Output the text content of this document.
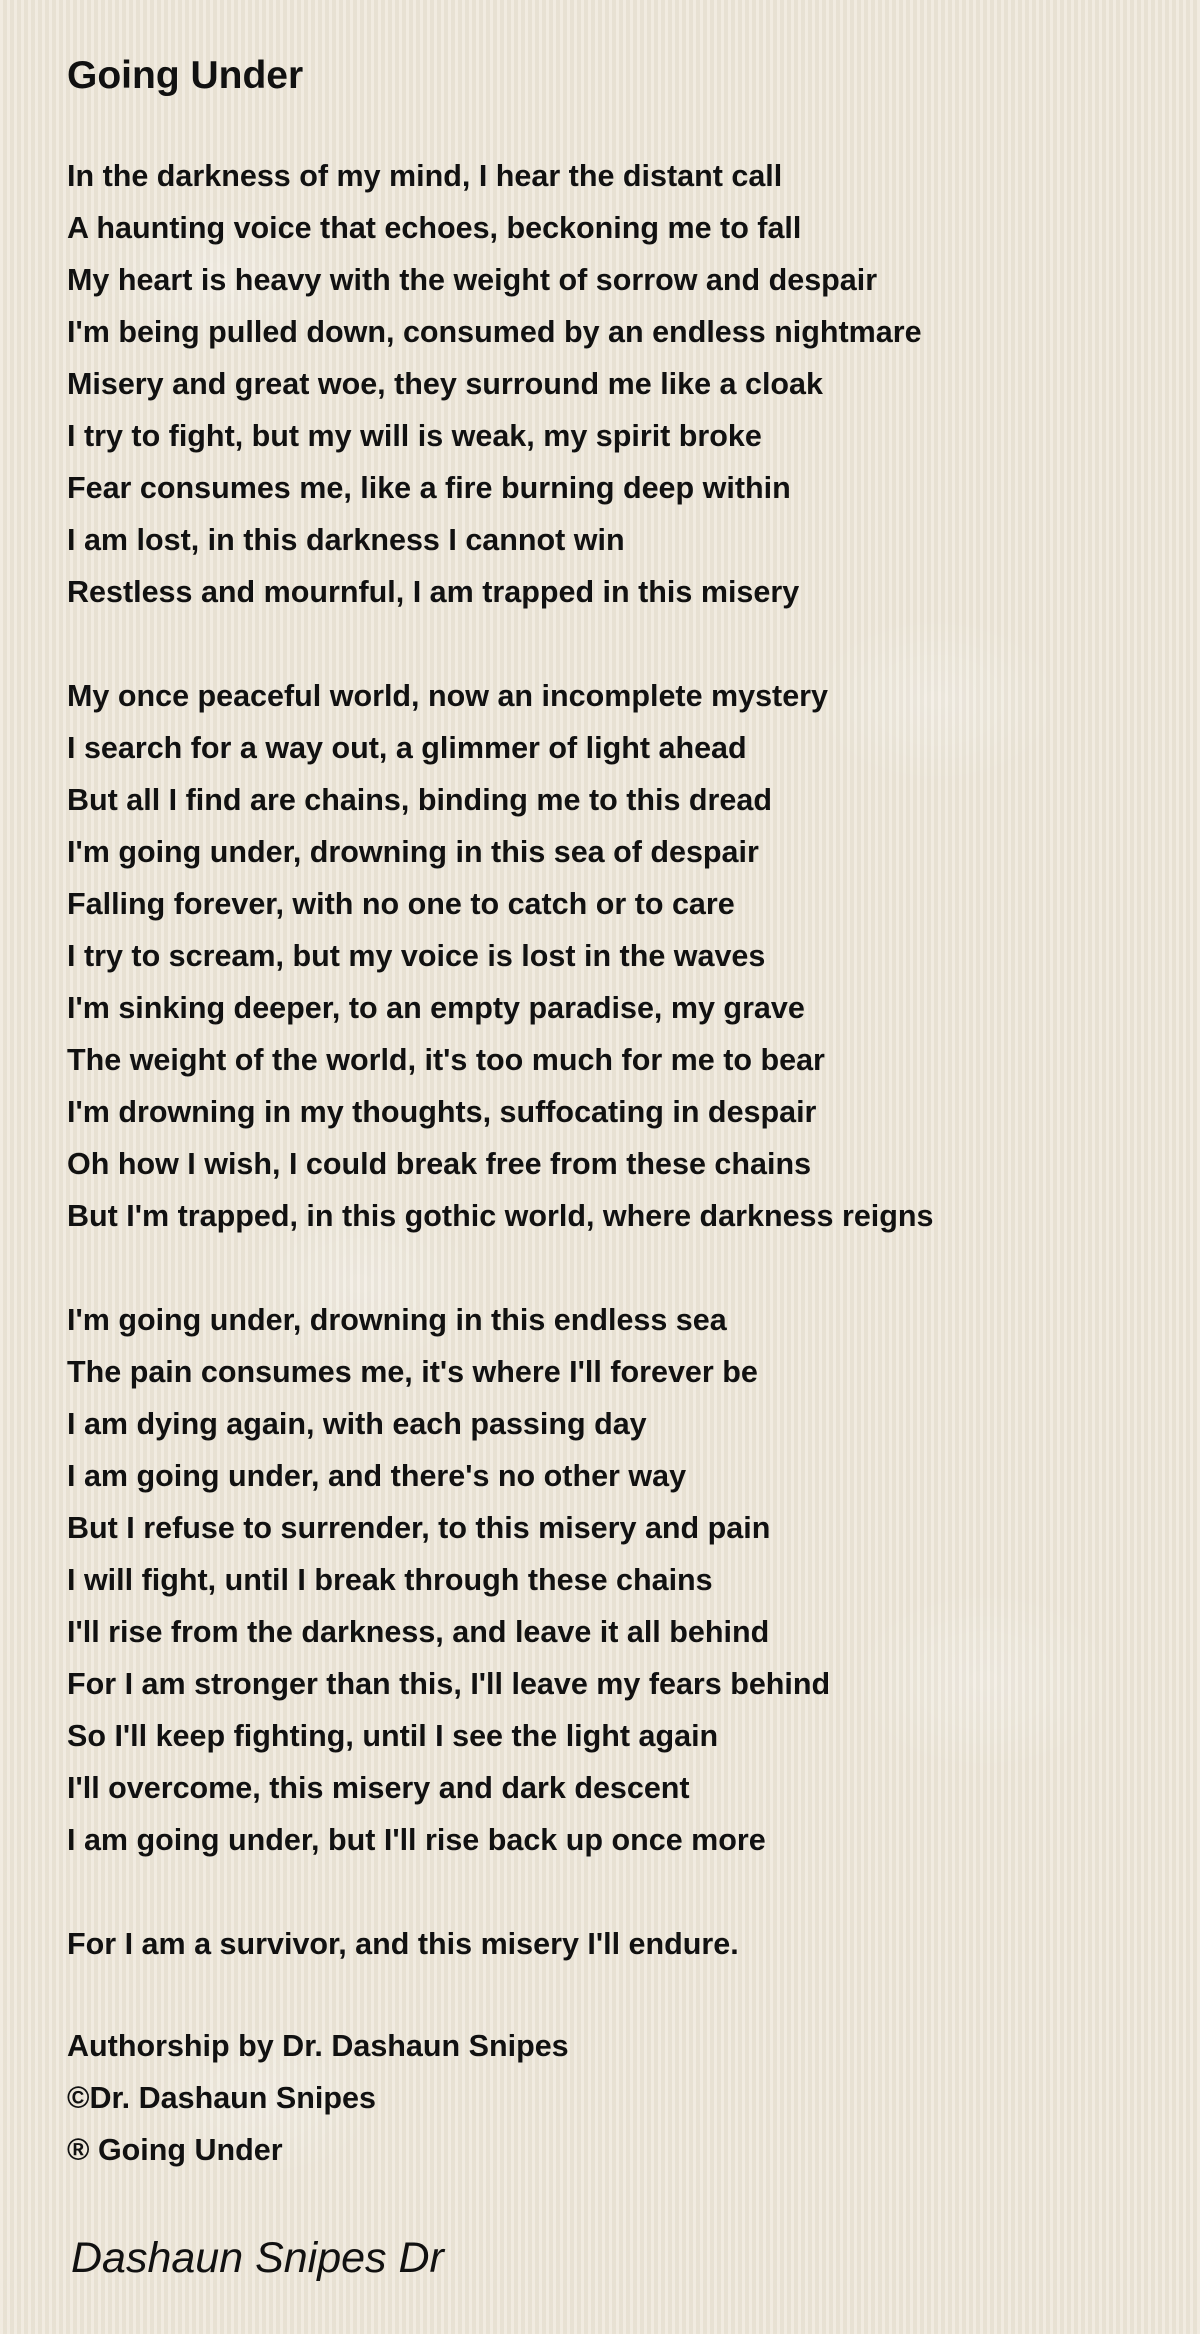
Going Under
In the darkness of my mind, I hear the distant call
A haunting voice that echoes, beckoning me to fall
My heart is heavy with the weight of sorrow and despair
I'm being pulled down, consumed by an endless nightmare
Misery and great woe, they surround me like a cloak
I try to fight, but my will is weak, my spirit broke
Fear consumes me, like a fire burning deep within
I am lost, in this darkness I cannot win
Restless and mournful, I am trapped in this misery
My once peaceful world, now an incomplete mystery
I search for a way out, a glimmer of light ahead
But all I find are chains, binding me to this dread
I'm going under, drowning in this sea of despair
Falling forever, with no one to catch or to care
I try to scream, but my voice is lost in the waves
I'm sinking deeper, to an empty paradise, my grave
The weight of the world, it's too much for me to bear
I'm drowning in my thoughts, suffocating in despair
Oh how I wish, I could break free from these chains
But I'm trapped, in this gothic world, where darkness reigns
I'm going under, drowning in this endless sea
The pain consumes me, it's where I'll forever be
I am dying again, with each passing day
I am going under, and there's no other way
But I refuse to surrender, to this misery and pain
I will fight, until I break through these chains
I'll rise from the darkness, and leave it all behind
For I am stronger than this, I'll leave my fears behind
So I'll keep fighting, until I see the light again
I'll overcome, this misery and dark descent
I am going under, but I'll rise back up once more
For I am a survivor, and this misery I'll endure.
Authorship by Dr. Dashaun Snipes
©Dr. Dashaun Snipes
® Going Under
Dashaun Snipes Dr
